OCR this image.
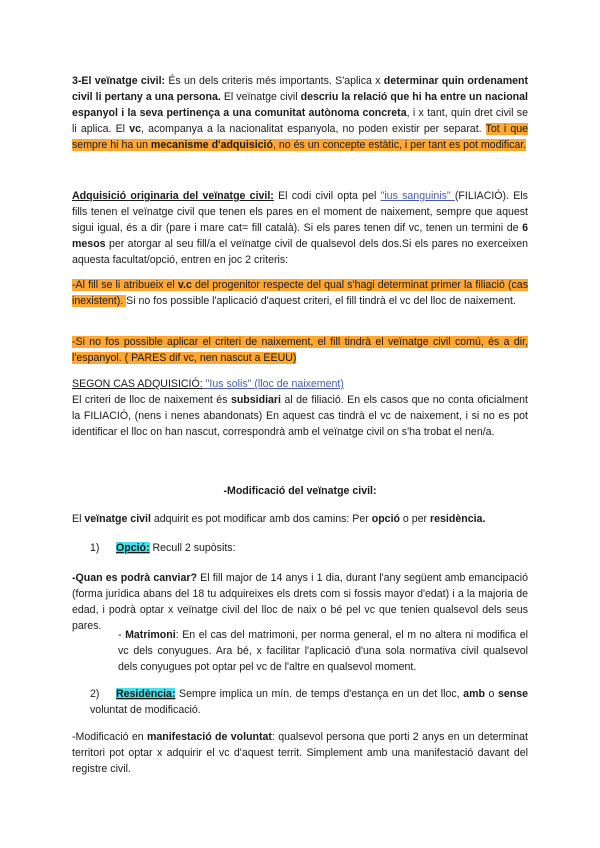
3-El veïnatge civil: És un dels criteris més importants. S'aplica x determinar quin ordenament civil li pertany a una persona. El veïnatge civil descriu la relació que hi ha entre un nacional espanyol i la seva pertinença a una comunitat autònoma concreta, i x tant, quin dret civil se li aplica. El vc, acompanya a la nacionalitat espanyola, no poden existir per separat. Tot i que sempre hi ha un mecanisme d'adquisició, no és un concepte estàtic, i per tant es pot modificar.

Adquisició originaria del veïnatge civil: El codi civil opta pel "ius sanguinis" (FILIACIÓ). Els fills tenen el veïnatge civil que tenen els pares en el moment de naixement, sempre que aquest sigui igual, és a dir (pare i mare cat= fill català). Si els pares tenen dif vc, tenen un termini de 6 mesos per atorgar al seu fill/a el veïnatge civil de qualsevol dels dos.Si els pares no exerceixen aquesta facultat/opció, entren en joc 2 criteris:

-Al fill se li atribueix el v.c del progenitor respecte del qual s'hagi determinat primer la filiació (cas inexistent). Si no fos possible l'aplicació d'aquest criteri, el fill tindrà el vc del lloc de naixement.

-Si no fos possible aplicar el criteri de naixement, el fill tindrà el veïnatge civil comú, és a dir, l'espanyol. ( PARES dif vc, nen nascut a EEUU)

SEGON CAS ADQUISICIÓ: "Ius solis" (lloc de naixement)
El criteri de lloc de naixement és subsidiari al de filiació. En els casos que no conta oficialment la FILIACIÓ, (nens i nenes abandonats) En aquest cas tindrà el vc de naixement, i si no es pot identificar el lloc on han nascut, correspondrà amb el veïnatge civil on s'ha trobat el nen/a.

-Modificació del veïnatge civil:

El veïnatge civil adquirit es pot modificar amb dos camins: Per opció o per residència.

1) Opció: Recull 2 supòsits:

-Quan es podrà canviar? El fill major de 14 anys i 1 dia, durant l'any següent amb emancipació (forma jurídica abans del 18 tu adquireixes els drets com si fossis mayor d'edat) i a la majoria de edad, i podrà optar x veïnatge civil del lloc de naix o bé pel vc que tenien qualsevol dels seus pares.

- Matrimoni: En el cas del matrimoni, per norma general, el m no altera ni modifica el vc dels conyugues. Ara bé, x facilitar l'aplicació d'una sola normativa civil qualsevol dels conyugues pot optar pel vc de l'altre en qualsevol moment.

2) Residència: Sempre implica un mín. de temps d'estança en un det lloc, amb o sense voluntat de modificació.

-Modificació en manifestació de voluntat: qualsevol persona que porti 2 anys en un determinat territori pot optar x adquirir el vc d'aquest territ. Simplement amb una manifestació davant del registre civil.
